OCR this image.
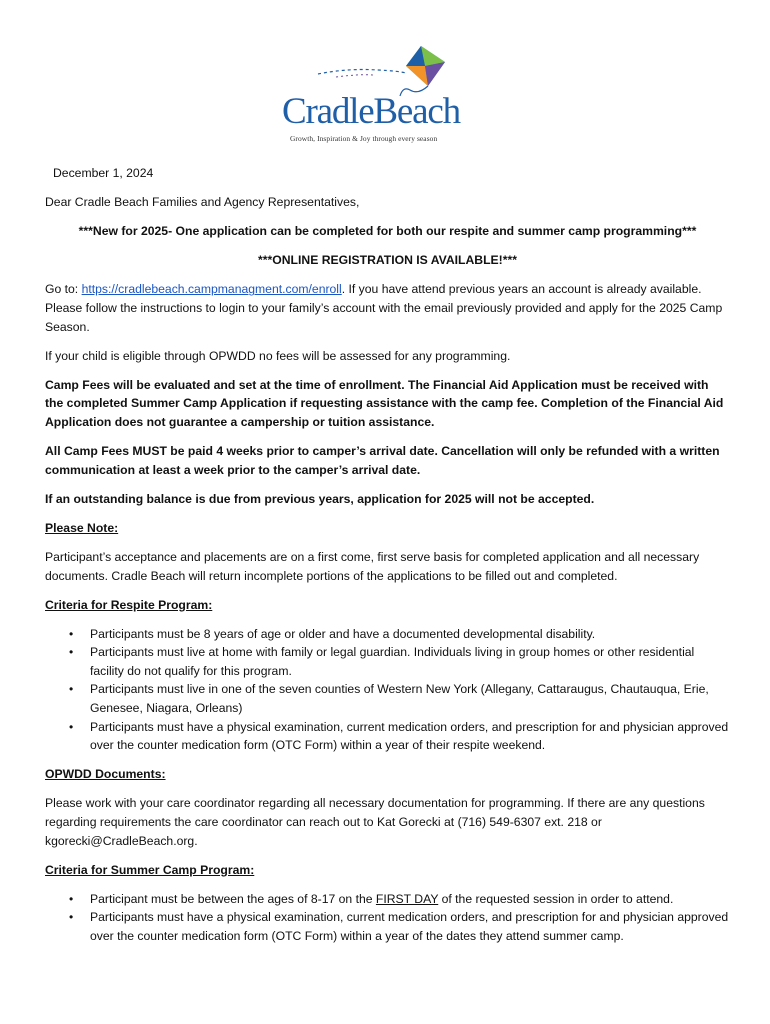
CradleBeach
Growth, Inspiration & Joy through every season

December 1, 2024

Dear Cradle Beach Families and Agency Representatives,

***New for 2025- One application can be completed for both our respite and summer camp programming***

***ONLINE REGISTRATION IS AVAILABLE!***

Go to: https://cradlebeach.campmanagment.com/enroll. If you have attend previous years an account is already available. Please follow the instructions to login to your family’s account with the email previously provided and apply for the 2025 Camp Season.

If your child is eligible through OPWDD no fees will be assessed for any programming.

Camp Fees will be evaluated and set at the time of enrollment. The Financial Aid Application must be received with the completed Summer Camp Application if requesting assistance with the camp fee. Completion of the Financial Aid Application does not guarantee a campership or tuition assistance.

All Camp Fees MUST be paid 4 weeks prior to camper’s arrival date. Cancellation will only be refunded with a written communication at least a week prior to the camper’s arrival date.

If an outstanding balance is due from previous years, application for 2025 will not be accepted.

Please Note:

Participant’s acceptance and placements are on a first come, first serve basis for completed application and all necessary documents. Cradle Beach will return incomplete portions of the applications to be filled out and completed.

Criteria for Respite Program:
• Participants must be 8 years of age or older and have a documented developmental disability.
• Participants must live at home with family or legal guardian. Individuals living in group homes or other residential facility do not qualify for this program.
• Participants must live in one of the seven counties of Western New York (Allegany, Cattaraugus, Chautauqua, Erie, Genesee, Niagara, Orleans)
• Participants must have a physical examination, current medication orders, and prescription for and physician approved over the counter medication form (OTC Form) within a year of their respite weekend.
OPWDD Documents:

Please work with your care coordinator regarding all necessary documentation for programming. If there are any questions regarding requirements the care coordinator can reach out to Kat Gorecki at (716) 549-6307 ext. 218 or kgorecki@CradleBeach.org.

Criteria for Summer Camp Program:
• Participant must be between the ages of 8-17 on the FIRST DAY of the requested session in order to attend.
• Participants must have a physical examination, current medication orders, and prescription for and physician approved over the counter medication form (OTC Form) within a year of the dates they attend summer camp.
